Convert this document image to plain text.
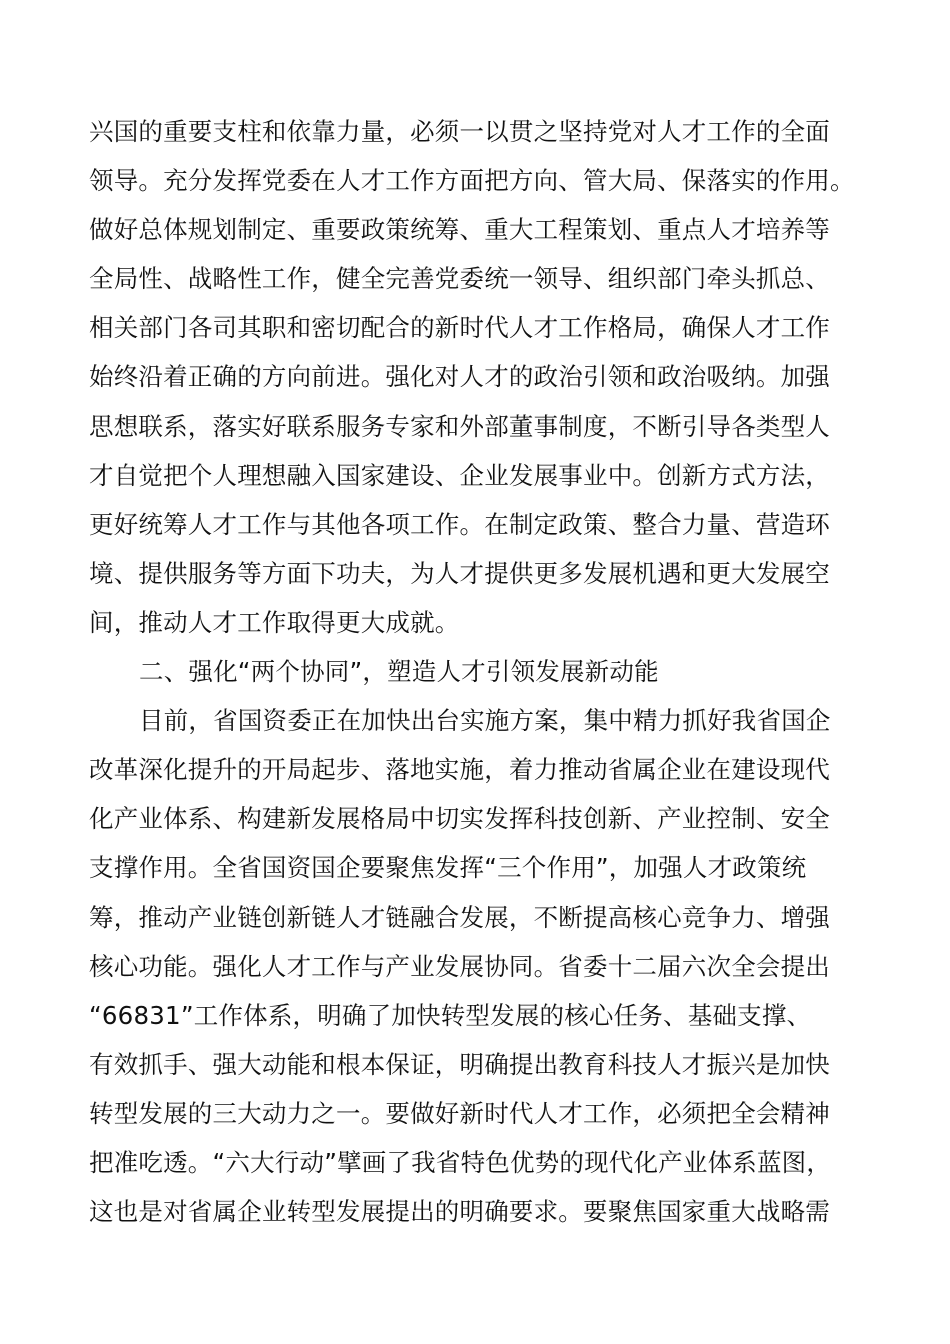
兴国的重要支柱和依靠力量，必须一以贯之坚持党对人才工作的全面
领导。充分发挥党委在人才工作方面把方向、管大局、保落实的作用。
做好总体规划制定、重要政策统筹、重大工程策划、重点人才培养等
全局性、战略性工作，健全完善党委统一领导、组织部门牵头抓总、
相关部门各司其职和密切配合的新时代人才工作格局，确保人才工作
始终沿着正确的方向前进。强化对人才的政治引领和政治吸纳。加强
思想联系，落实好联系服务专家和外部董事制度，不断引导各类型人
才自觉把个人理想融入国家建设、企业发展事业中。创新方式方法，
更好统筹人才工作与其他各项工作。在制定政策、整合力量、营造环
境、提供服务等方面下功夫，为人才提供更多发展机遇和更大发展空
间，推动人才工作取得更大成就。
二、强化“两个协同”，塑造人才引领发展新动能
目前，省国资委正在加快出台实施方案，集中精力抓好我省国企
改革深化提升的开局起步、落地实施，着力推动省属企业在建设现代
化产业体系、构建新发展格局中切实发挥科技创新、产业控制、安全
支撑作用。全省国资国企要聚焦发挥“三个作用”，加强人才政策统
筹，推动产业链创新链人才链融合发展，不断提高核心竞争力、增强
核心功能。强化人才工作与产业发展协同。省委十二届六次全会提出
“66831”工作体系，明确了加快转型发展的核心任务、基础支撑、
有效抓手、强大动能和根本保证，明确提出教育科技人才振兴是加快
转型发展的三大动力之一。要做好新时代人才工作，必须把全会精神
把准吃透。“六大行动”擘画了我省特色优势的现代化产业体系蓝图，
这也是对省属企业转型发展提出的明确要求。要聚焦国家重大战略需
